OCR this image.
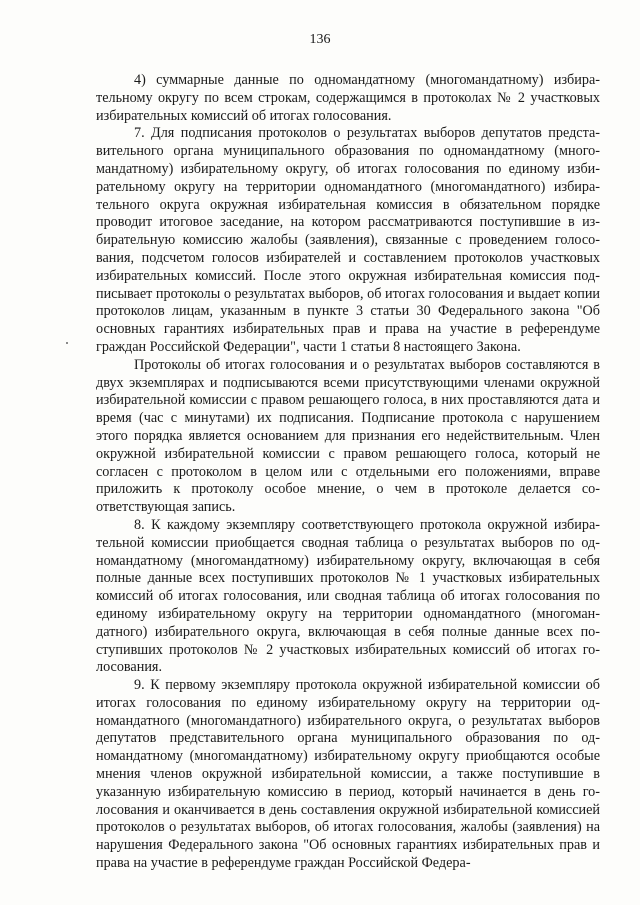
136

4) суммарные данные по одномандатному (многомандатному) избирательному округу по всем строкам, содержащимся в протоколах № 2 участковых избирательных комиссий об итогах голосования.

7. Для подписания протоколов о результатах выборов депутатов представительного органа муниципального образования по одномандатному (многомандатному) избирательному округу, об итогах голосования по единому избирательному округу на территории одномандатного (многомандатного) избирательного округа окружная избирательная комиссия в обязательном порядке проводит итоговое заседание, на котором рассматриваются поступившие в избирательную комиссию жалобы (заявления), связанные с проведением голосования, подсчетом голосов избирателей и составлением протоколов участковых избирательных комиссий. После этого окружная избирательная комиссия подписывает протоколы о результатах выборов, об итогах голосования и выдает копии протоколов лицам, указанным в пункте 3 статьи 30 Федерального закона "Об основных гарантиях избирательных прав и права на участие в референдуме граждан Российской Федерации", части 1 статьи 8 настоящего Закона.

Протоколы об итогах голосования и о результатах выборов составляются в двух экземплярах и подписываются всеми присутствующими членами окружной избирательной комиссии с правом решающего голоса, в них проставляются дата и время (час с минутами) их подписания. Подписание протокола с нарушением этого порядка является основанием для признания его недействительным. Член окружной избирательной комиссии с правом решающего голоса, который не согласен с протоколом в целом или с отдельными его положениями, вправе приложить к протоколу особое мнение, о чем в протоколе делается соответствующая запись.

8. К каждому экземпляру соответствующего протокола окружной избирательной комиссии приобщается сводная таблица о результатах выборов по одномандатному (многомандатному) избирательному округу, включающая в себя полные данные всех поступивших протоколов № 1 участковых избирательных комиссий об итогах голосования, или сводная таблица об итогах голосования по единому избирательному округу на территории одномандатного (многомандатного) избирательного округа, включающая в себя полные данные всех поступивших протоколов № 2 участковых избирательных комиссий об итогах голосования.

9. К первому экземпляру протокола окружной избирательной комиссии об итогах голосования по единому избирательному округу на территории одномандатного (многомандатного) избирательного округа, о результатах выборов депутатов представительного органа муниципального образования по одномандатному (многомандатному) избирательному округу приобщаются особые мнения членов окружной избирательной комиссии, а также поступившие в указанную избирательную комиссию в период, который начинается в день голосования и оканчивается в день составления окружной избирательной комиссией протоколов о результатах выборов, об итогах голосования, жалобы (заявления) на нарушения Федерального закона "Об основных гарантиях избирательных прав и права на участие в референдуме граждан Российской Федера-
